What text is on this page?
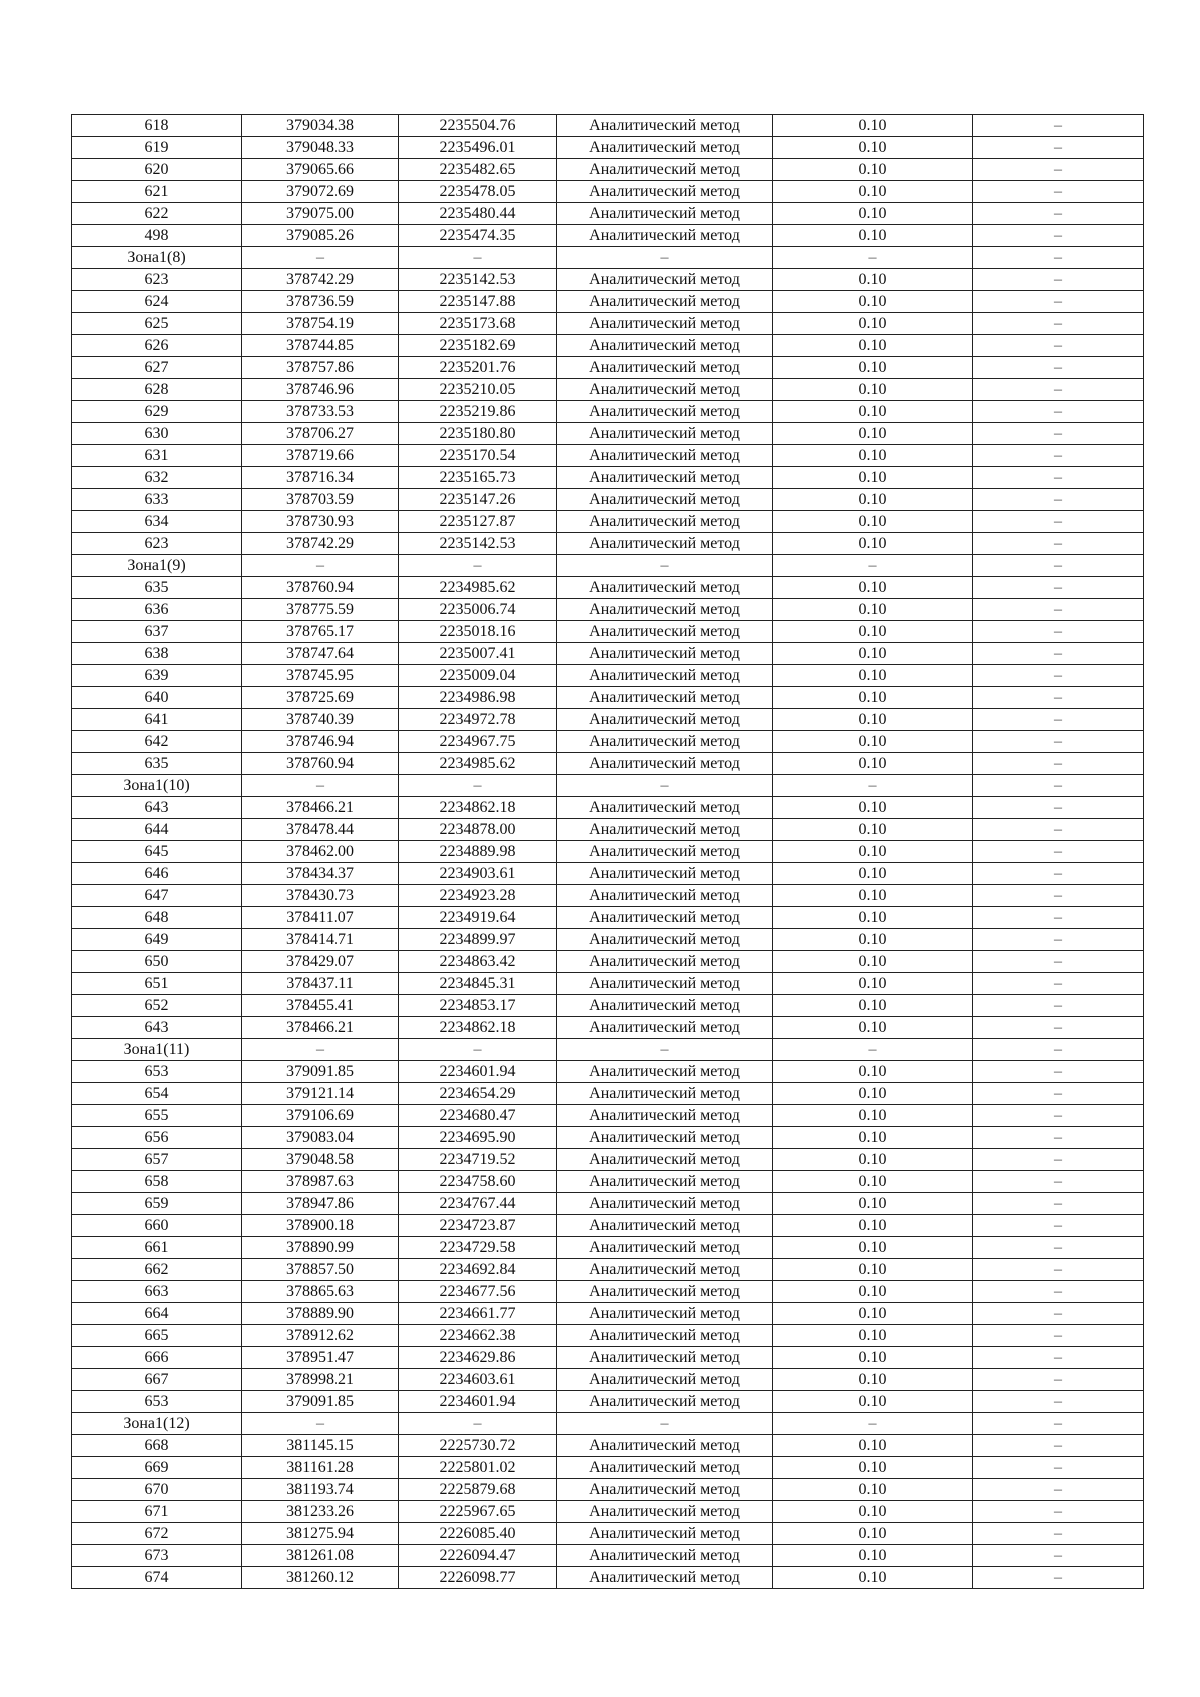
618	379034.38	2235504.76	Аналитический метод	0.10	–
619	379048.33	2235496.01	Аналитический метод	0.10	–
620	379065.66	2235482.65	Аналитический метод	0.10	–
621	379072.69	2235478.05	Аналитический метод	0.10	–
622	379075.00	2235480.44	Аналитический метод	0.10	–
498	379085.26	2235474.35	Аналитический метод	0.10	–
Зона1(8)	–	–	–	–	–
623	378742.29	2235142.53	Аналитический метод	0.10	–
624	378736.59	2235147.88	Аналитический метод	0.10	–
625	378754.19	2235173.68	Аналитический метод	0.10	–
626	378744.85	2235182.69	Аналитический метод	0.10	–
627	378757.86	2235201.76	Аналитический метод	0.10	–
628	378746.96	2235210.05	Аналитический метод	0.10	–
629	378733.53	2235219.86	Аналитический метод	0.10	–
630	378706.27	2235180.80	Аналитический метод	0.10	–
631	378719.66	2235170.54	Аналитический метод	0.10	–
632	378716.34	2235165.73	Аналитический метод	0.10	–
633	378703.59	2235147.26	Аналитический метод	0.10	–
634	378730.93	2235127.87	Аналитический метод	0.10	–
623	378742.29	2235142.53	Аналитический метод	0.10	–
Зона1(9)	–	–	–	–	–
635	378760.94	2234985.62	Аналитический метод	0.10	–
636	378775.59	2235006.74	Аналитический метод	0.10	–
637	378765.17	2235018.16	Аналитический метод	0.10	–
638	378747.64	2235007.41	Аналитический метод	0.10	–
639	378745.95	2235009.04	Аналитический метод	0.10	–
640	378725.69	2234986.98	Аналитический метод	0.10	–
641	378740.39	2234972.78	Аналитический метод	0.10	–
642	378746.94	2234967.75	Аналитический метод	0.10	–
635	378760.94	2234985.62	Аналитический метод	0.10	–
Зона1(10)	–	–	–	–	–
643	378466.21	2234862.18	Аналитический метод	0.10	–
644	378478.44	2234878.00	Аналитический метод	0.10	–
645	378462.00	2234889.98	Аналитический метод	0.10	–
646	378434.37	2234903.61	Аналитический метод	0.10	–
647	378430.73	2234923.28	Аналитический метод	0.10	–
648	378411.07	2234919.64	Аналитический метод	0.10	–
649	378414.71	2234899.97	Аналитический метод	0.10	–
650	378429.07	2234863.42	Аналитический метод	0.10	–
651	378437.11	2234845.31	Аналитический метод	0.10	–
652	378455.41	2234853.17	Аналитический метод	0.10	–
643	378466.21	2234862.18	Аналитический метод	0.10	–
Зона1(11)	–	–	–	–	–
653	379091.85	2234601.94	Аналитический метод	0.10	–
654	379121.14	2234654.29	Аналитический метод	0.10	–
655	379106.69	2234680.47	Аналитический метод	0.10	–
656	379083.04	2234695.90	Аналитический метод	0.10	–
657	379048.58	2234719.52	Аналитический метод	0.10	–
658	378987.63	2234758.60	Аналитический метод	0.10	–
659	378947.86	2234767.44	Аналитический метод	0.10	–
660	378900.18	2234723.87	Аналитический метод	0.10	–
661	378890.99	2234729.58	Аналитический метод	0.10	–
662	378857.50	2234692.84	Аналитический метод	0.10	–
663	378865.63	2234677.56	Аналитический метод	0.10	–
664	378889.90	2234661.77	Аналитический метод	0.10	–
665	378912.62	2234662.38	Аналитический метод	0.10	–
666	378951.47	2234629.86	Аналитический метод	0.10	–
667	378998.21	2234603.61	Аналитический метод	0.10	–
653	379091.85	2234601.94	Аналитический метод	0.10	–
Зона1(12)	–	–	–	–	–
668	381145.15	2225730.72	Аналитический метод	0.10	–
669	381161.28	2225801.02	Аналитический метод	0.10	–
670	381193.74	2225879.68	Аналитический метод	0.10	–
671	381233.26	2225967.65	Аналитический метод	0.10	–
672	381275.94	2226085.40	Аналитический метод	0.10	–
673	381261.08	2226094.47	Аналитический метод	0.10	–
674	381260.12	2226098.77	Аналитический метод	0.10	–
